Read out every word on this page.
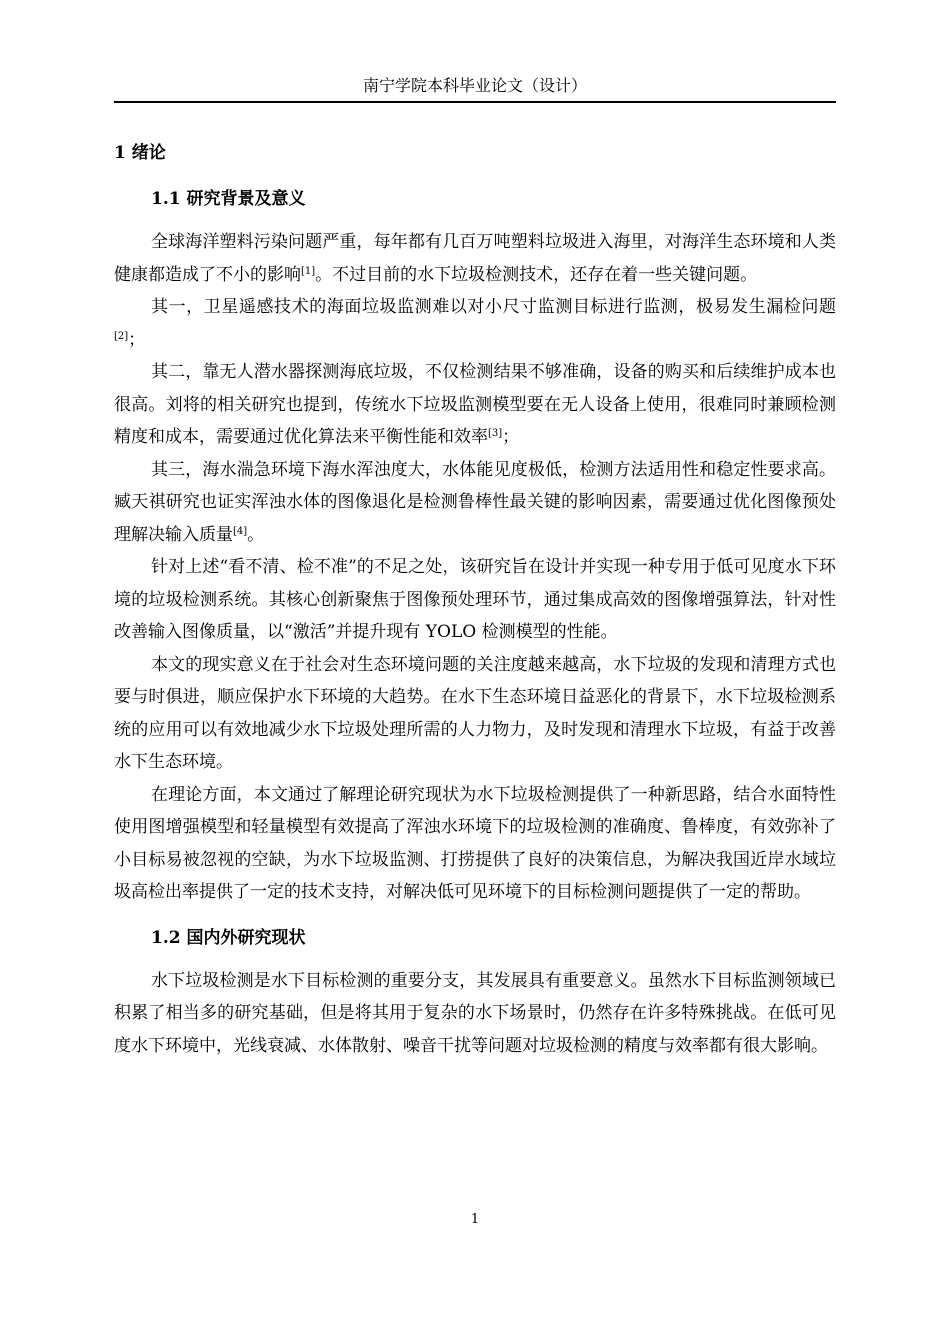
南宁学院本科毕业论文（设计）
1 绪论
1.1 研究背景及意义

全球海洋塑料污染问题严重，每年都有几百万吨塑料垃圾进入海里，对海洋生态环境和人类健康都造成了不小的影响[1]。不过目前的水下垃圾检测技术，还存在着一些关键问题。

其一，卫星遥感技术的海面垃圾监测难以对小尺寸监测目标进行监测，极易发生漏检问题[2]；

其二，靠无人潜水器探测海底垃圾，不仅检测结果不够准确，设备的购买和后续维护成本也很高。刘将的相关研究也提到，传统水下垃圾监测模型要在无人设备上使用，很难同时兼顾检测精度和成本，需要通过优化算法来平衡性能和效率[3]；

其三，海水湍急环境下海水浑浊度大，水体能见度极低，检测方法适用性和稳定性要求高。臧天祺研究也证实浑浊水体的图像退化是检测鲁棒性最关键的影响因素，需要通过优化图像预处理解决输入质量[4]。

针对上述“看不清、检不准”的不足之处，该研究旨在设计并实现一种专用于低可见度水下环境的垃圾检测系统。其核心创新聚焦于图像预处理环节，通过集成高效的图像增强算法，针对性改善输入图像质量，以“激活”并提升现有 YOLO 检测模型的性能。

本文的现实意义在于社会对生态环境问题的关注度越来越高，水下垃圾的发现和清理方式也要与时俱进，顺应保护水下环境的大趋势。在水下生态环境日益恶化的背景下，水下垃圾检测系统的应用可以有效地减少水下垃圾处理所需的人力物力，及时发现和清理水下垃圾，有益于改善水下生态环境。

在理论方面，本文通过了解理论研究现状为水下垃圾检测提供了一种新思路，结合水面特性使用图增强模型和轻量模型有效提高了浑浊水环境下的垃圾检测的准确度、鲁棒度，有效弥补了小目标易被忽视的空缺，为水下垃圾监测、打捞提供了良好的决策信息，为解决我国近岸水域垃圾高检出率提供了一定的技术支持，对解决低可见环境下的目标检测问题提供了一定的帮助。

1.2 国内外研究现状

水下垃圾检测是水下目标检测的重要分支，其发展具有重要意义。虽然水下目标监测领域已积累了相当多的研究基础，但是将其用于复杂的水下场景时，仍然存在许多特殊挑战。在低可见度水下环境中，光线衰减、水体散射、噪音干扰等问题对垃圾检测的精度与效率都有很大影响。

1
